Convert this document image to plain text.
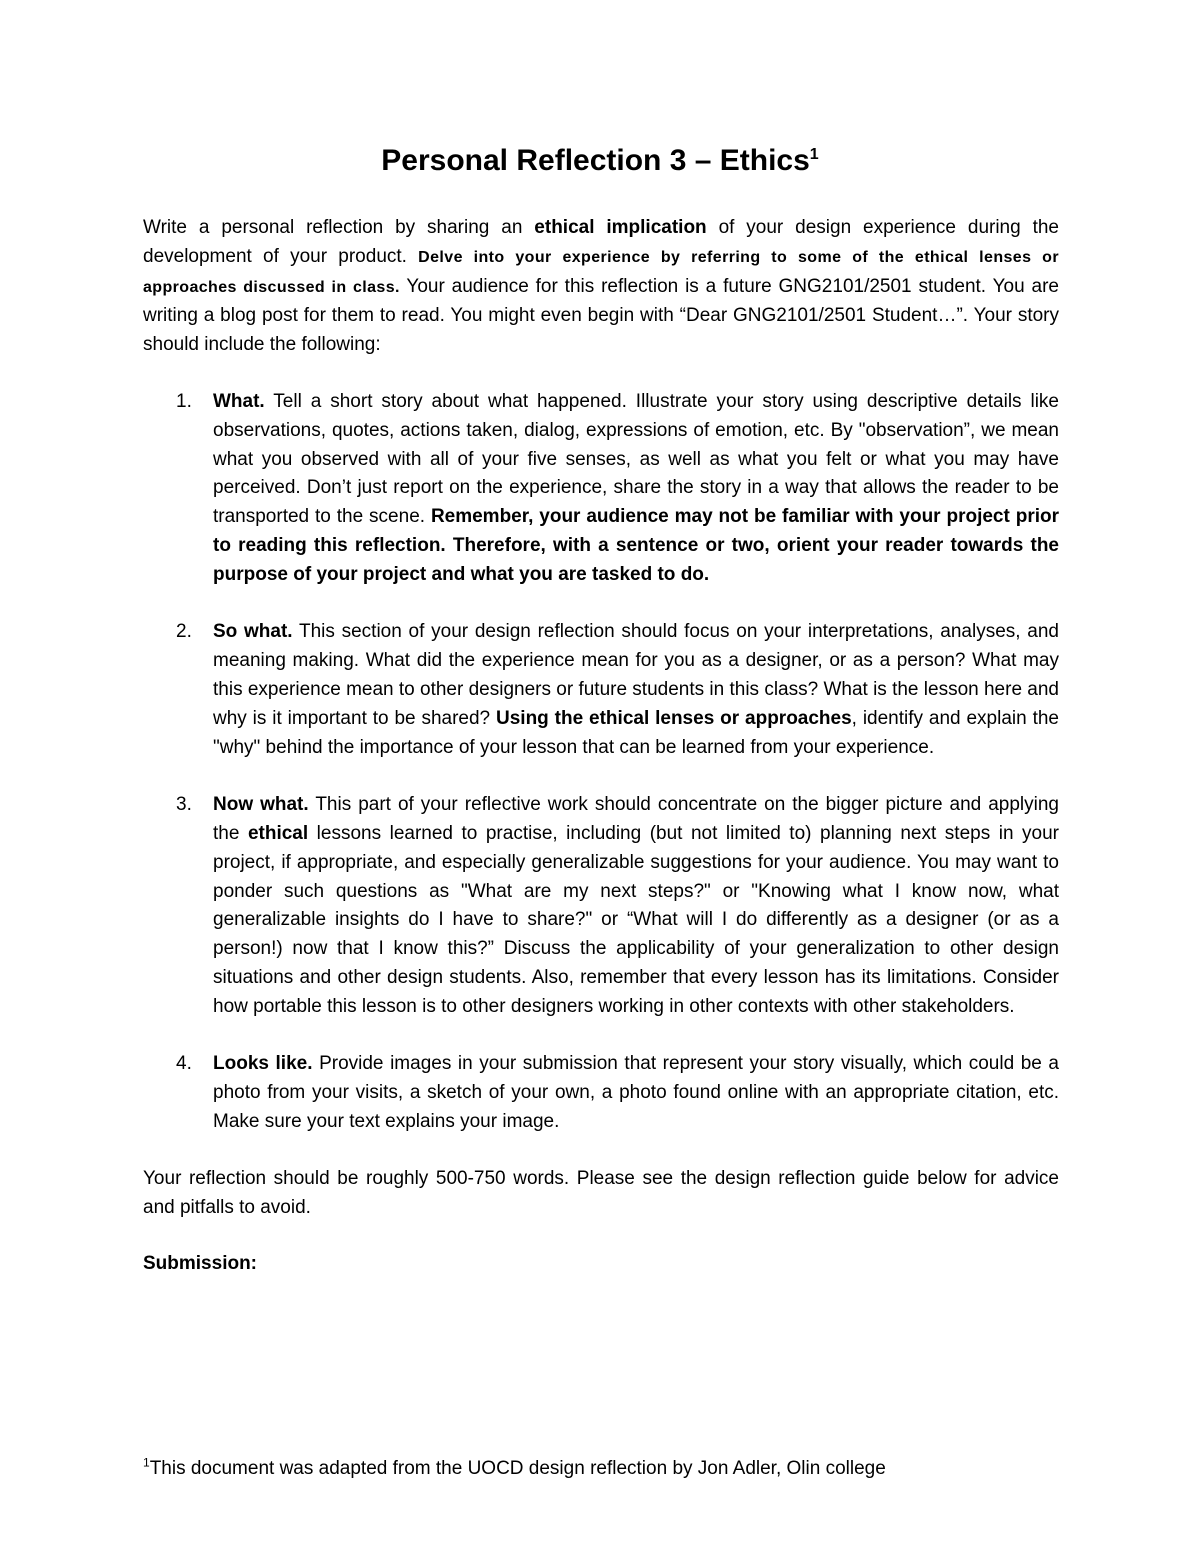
Personal Reflection 3 – Ethics$^1$

Write a personal reflection by sharing an ethical implication of your design experience during the development of your product. Delve into your experience by referring to some of the ethical lenses or approaches discussed in class. Your audience for this reflection is a future GNG2101/2501 student. You are writing a blog post for them to read. You might even begin with “Dear GNG2101/2501 Student…”. Your story should include the following:

1. What. Tell a short story about what happened. Illustrate your story using descriptive details like observations, quotes, actions taken, dialog, expressions of emotion, etc. By "observation”, we mean what you observed with all of your five senses, as well as what you felt or what you may have perceived. Don’t just report on the experience, share the story in a way that allows the reader to be transported to the scene. Remember, your audience may not be familiar with your project prior to reading this reflection. Therefore, with a sentence or two, orient your reader towards the purpose of your project and what you are tasked to do.
2. So what. This section of your design reflection should focus on your interpretations, analyses, and meaning making. What did the experience mean for you as a designer, or as a person? What may this experience mean to other designers or future students in this class? What is the lesson here and why is it important to be shared? Using the ethical lenses or approaches, identify and explain the "why" behind the importance of your lesson that can be learned from your experience.
3. Now what. This part of your reflective work should concentrate on the bigger picture and applying the ethical lessons learned to practise, including (but not limited to) planning next steps in your project, if appropriate, and especially generalizable suggestions for your audience. You may want to ponder such questions as "What are my next steps?" or "Knowing what I know now, what generalizable insights do I have to share?" or “What will I do differently as a designer (or as a person!) now that I know this?” Discuss the applicability of your generalization to other design situations and other design students. Also, remember that every lesson has its limitations. Consider how portable this lesson is to other designers working in other contexts with other stakeholders.
4. Looks like. Provide images in your submission that represent your story visually, which could be a photo from your visits, a sketch of your own, a photo found online with an appropriate citation, etc. Make sure your text explains your image.

Your reflection should be roughly 500-750 words. Please see the design reflection guide below for advice and pitfalls to avoid.

Submission:

$^1$This document was adapted from the UOCD design reflection by Jon Adler, Olin college
